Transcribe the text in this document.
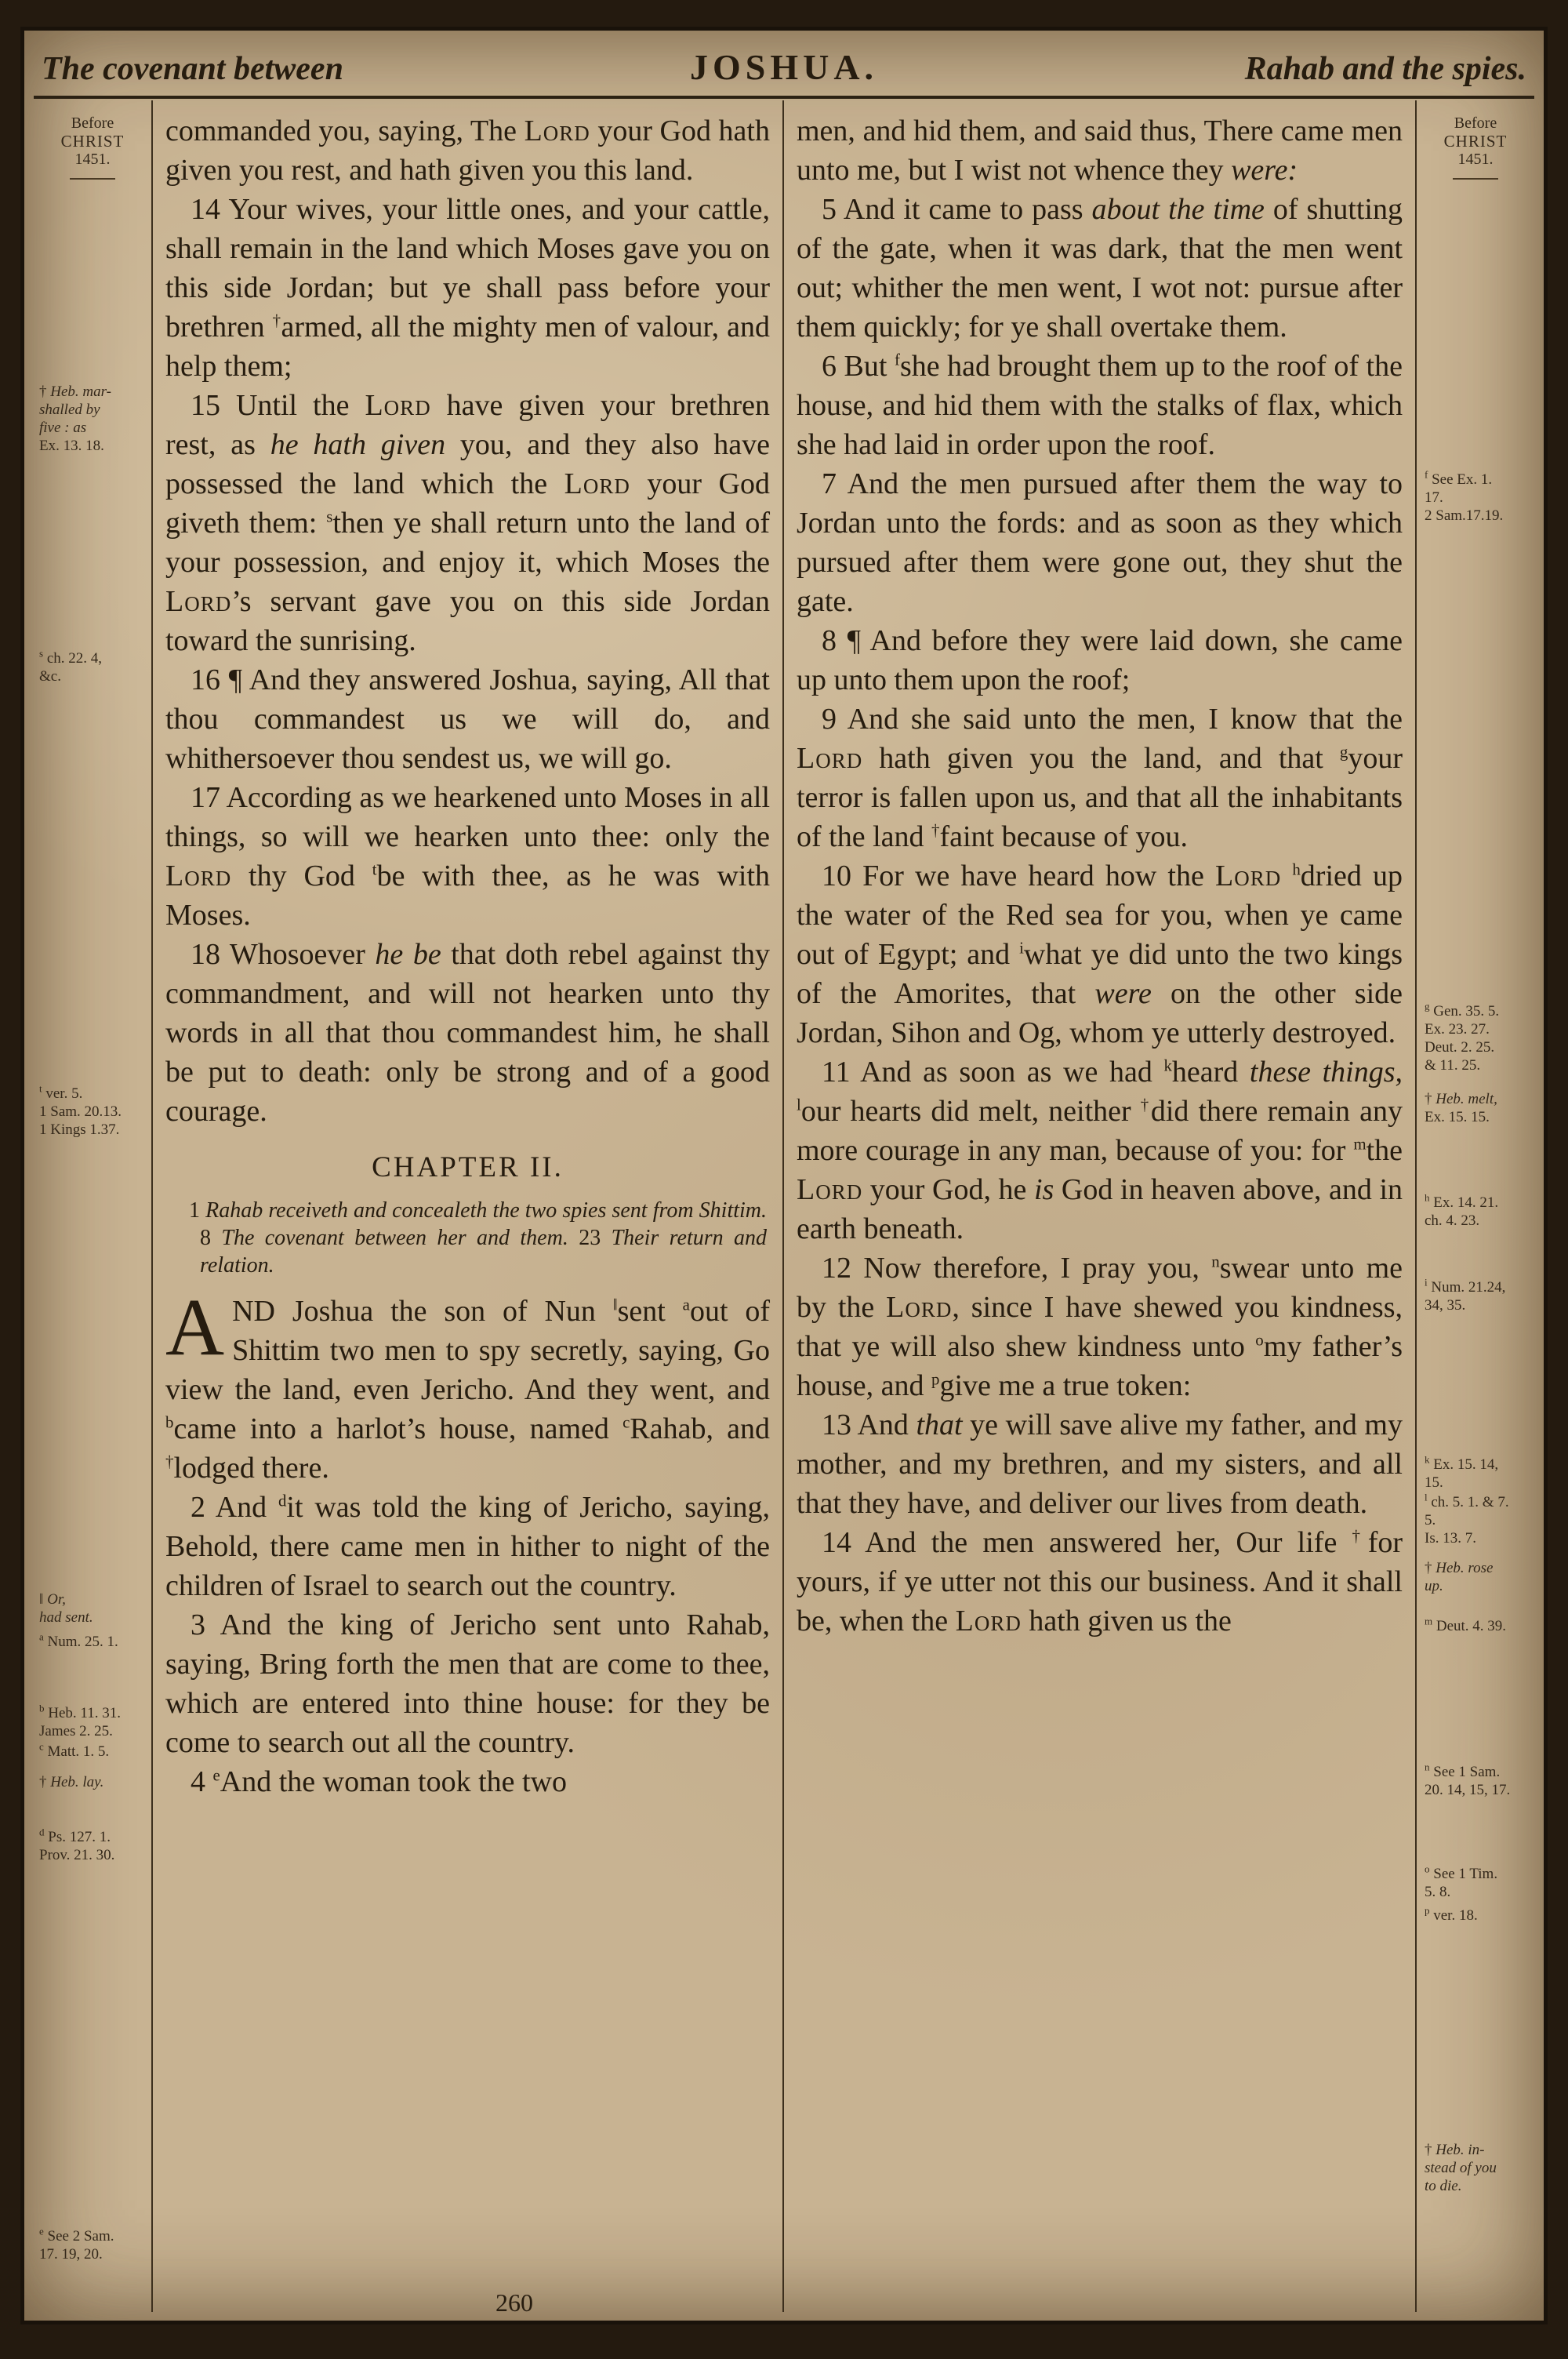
The covenant between	JOSHUA.	Rahab and the spies.
Before
CHRIST
1451.
† Heb. mar-
shalled by
five : as
Ex. 13. 18.
$^s$ ch. 22. 4,
&c.
$^t$ ver. 5.
1 Sam. 20.13.
1 Kings 1.37.
‖ Or,
had sent.
$^a$ Num. 25. 1.
$^b$ Heb. 11. 31.
James 2. 25.
$^c$ Matt. 1. 5.
† Heb. lay.
$^d$ Ps. 127. 1.
Prov. 21. 30.
$^e$ See 2 Sam.
17. 19, 20.

commanded you, saying, The Lord your God hath given you rest, and hath given you this land.

14 Your wives, your little ones, and your cattle, shall remain in the land which Moses gave you on this side Jordan; but ye shall pass before your brethren †armed, all the mighty men of valour, and help them;

15 Until the Lord have given your brethren rest, as he hath given you, and they also have possessed the land which the Lord your God giveth them: $^s$then ye shall return unto the land of your possession, and enjoy it, which Moses the Lord’s servant gave you on this side Jordan toward the sunrising.

16 ¶ And they answered Joshua, saying, All that thou commandest us we will do, and whithersoever thou sendest us, we will go.

17 According as we hearkened unto Moses in all things, so will we hearken unto thee: only the Lord thy God $^t$be with thee, as he was with Moses.

18 Whosoever he be that doth rebel against thy commandment, and will not hearken unto thy words in all that thou commandest him, he shall be put to death: only be strong and of a good courage.

CHAPTER II.

1 Rahab receiveth and concealeth the two spies sent from Shittim. 8 The covenant between her and them. 23 Their return and relation.

AND Joshua the son of Nun ‖sent $^a$out of Shittim two men to spy secretly, saying, Go view the land, even Jericho. And they went, and $^b$came into a harlot’s house, named $^c$Rahab, and †lodged there.

2 And $^d$it was told the king of Jericho, saying, Behold, there came men in hither to night of the children of Israel to search out the country.

3 And the king of Jericho sent unto Rahab, saying, Bring forth the men that are come to thee, which are entered into thine house: for they be come to search out all the country.

4 $^e$And the woman took the two

men, and hid them, and said thus, There came men unto me, but I wist not whence they were:

5 And it came to pass about the time of shutting of the gate, when it was dark, that the men went out; whither the men went, I wot not: pursue after them quickly; for ye shall overtake them.

6 But $^f$she had brought them up to the roof of the house, and hid them with the stalks of flax, which she had laid in order upon the roof.

7 And the men pursued after them the way to Jordan unto the fords: and as soon as they which pursued after them were gone out, they shut the gate.

8 ¶ And before they were laid down, she came up unto them upon the roof;

9 And she said unto the men, I know that the Lord hath given you the land, and that $^g$your terror is fallen upon us, and that all the inhabitants of the land †faint because of you.

10 For we have heard how the Lord $^h$dried up the water of the Red sea for you, when ye came out of Egypt; and $^i$what ye did unto the two kings of the Amorites, that were on the other side Jordan, Sihon and Og, whom ye utterly destroyed.

11 And as soon as we had $^k$heard these things, $^l$our hearts did melt, neither †did there remain any more courage in any man, because of you: for $^m$the Lord your God, he is God in heaven above, and in earth beneath.

12 Now therefore, I pray you, $^n$swear unto me by the Lord, since I have shewed you kindness, that ye will also shew kindness unto $^o$my father’s house, and $^p$give me a true token:

13 And that ye will save alive my father, and my mother, and my brethren, and my sisters, and all that they have, and deliver our lives from death.

14 And the men answered her, Our life †for yours, if ye utter not this our business. And it shall be, when the Lord hath given us the

Before
CHRIST
1451.
$^f$ See Ex. 1.
17.
2 Sam.17.19.
$^g$ Gen. 35. 5.
Ex. 23. 27.
Deut. 2. 25.
& 11. 25.
† Heb. melt,
Ex. 15. 15.
$^h$ Ex. 14. 21.
ch. 4. 23.
$^i$ Num. 21.24,
34, 35.
$^k$ Ex. 15. 14,
15.
$^l$ ch. 5. 1. & 7.
5.
Is. 13. 7.
† Heb. rose
up.
$^m$ Deut. 4. 39.
$^n$ See 1 Sam.
20. 14, 15, 17.
$^o$ See 1 Tim.
5. 8.
$^p$ ver. 18.
† Heb. in-
stead of you
to die.
260
